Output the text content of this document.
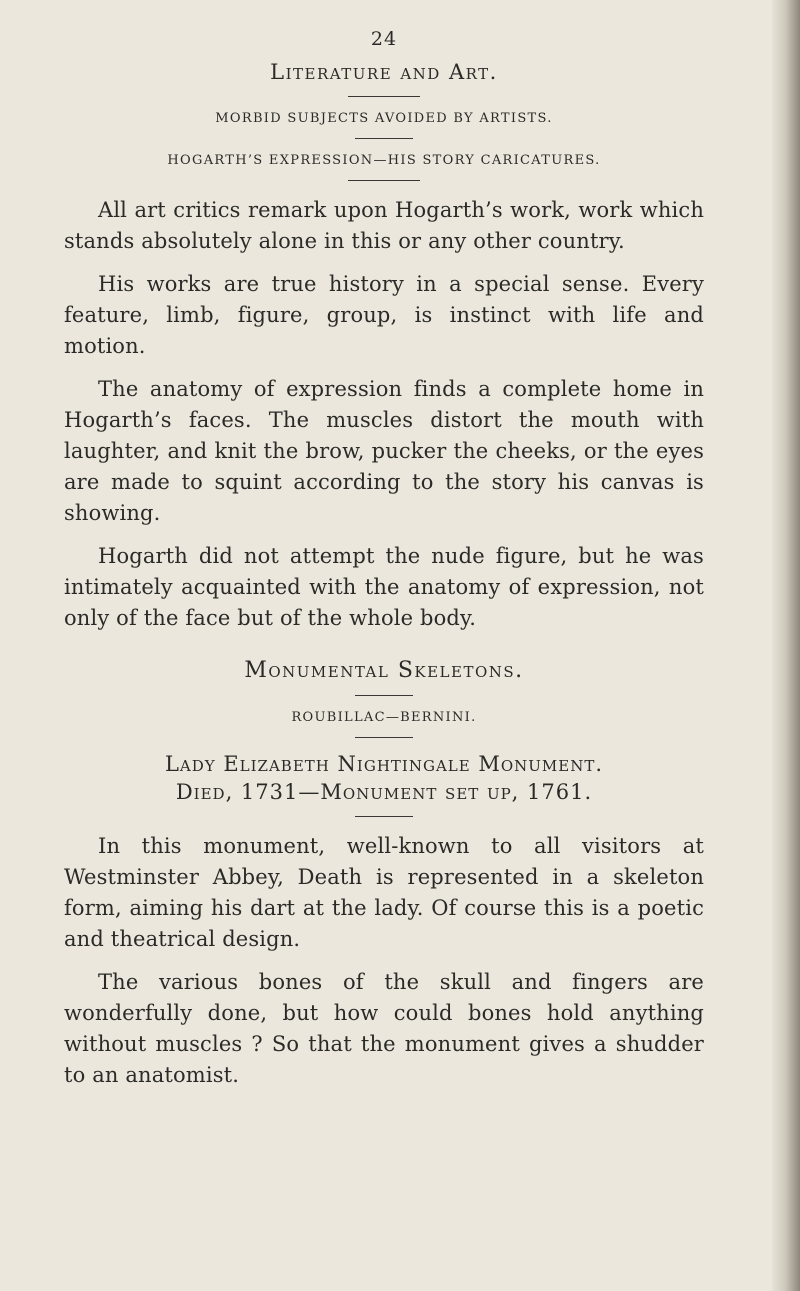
24
Literature and Art.
MORBID SUBJECTS AVOIDED BY ARTISTS.
HOGARTH’S EXPRESSION—HIS STORY CARICATURES.

All art critics remark upon Hogarth’s work, work which stands absolutely alone in this or any other country.

His works are true history in a special sense. Every feature, limb, figure, group, is instinct with life and motion.

The anatomy of expression finds a complete home in Hogarth’s faces. The muscles distort the mouth with laughter, and knit the brow, pucker the cheeks, or the eyes are made to squint according to the story his canvas is showing.

Hogarth did not attempt the nude figure, but he was intimately acquainted with the anatomy of expression, not only of the face but of the whole body.

Monumental Skeletons.
ROUBILLAC—BERNINI.
Lady Elizabeth Nightingale Monument.
Died, 1731—Monument set up, 1761.

In this monument, well-known to all visitors at Westminster Abbey, Death is represented in a skeleton form, aiming his dart at the lady. Of course this is a poetic and theatrical design.

The various bones of the skull and fingers are wonderfully done, but how could bones hold anything without muscles ? So that the monument gives a shudder to an anatomist.
